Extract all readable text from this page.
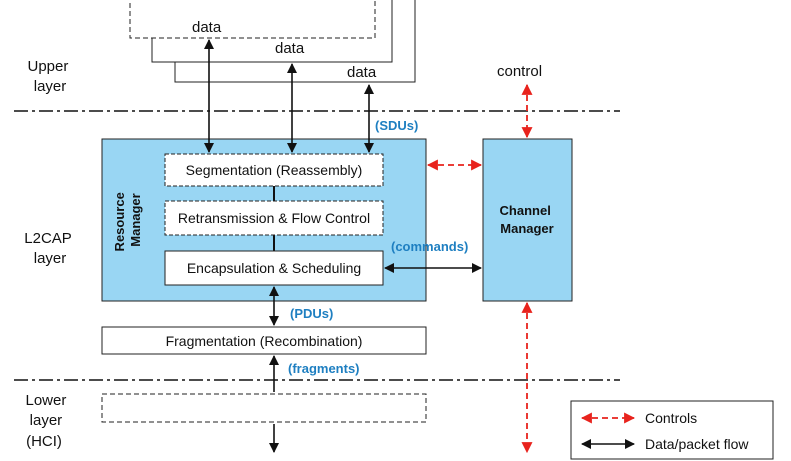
data
data
data
Upper layer
L2CAP layer
Lower layer (HCI)
Resource Manager
Segmentation (Reassembly)
Retransmission & Flow Control
Encapsulation & Scheduling
Channel Manager
Fragmentation (Recombination)
control
(SDUs)
(commands)
(PDUs)
(fragments)
Controls
Data/packet flow
